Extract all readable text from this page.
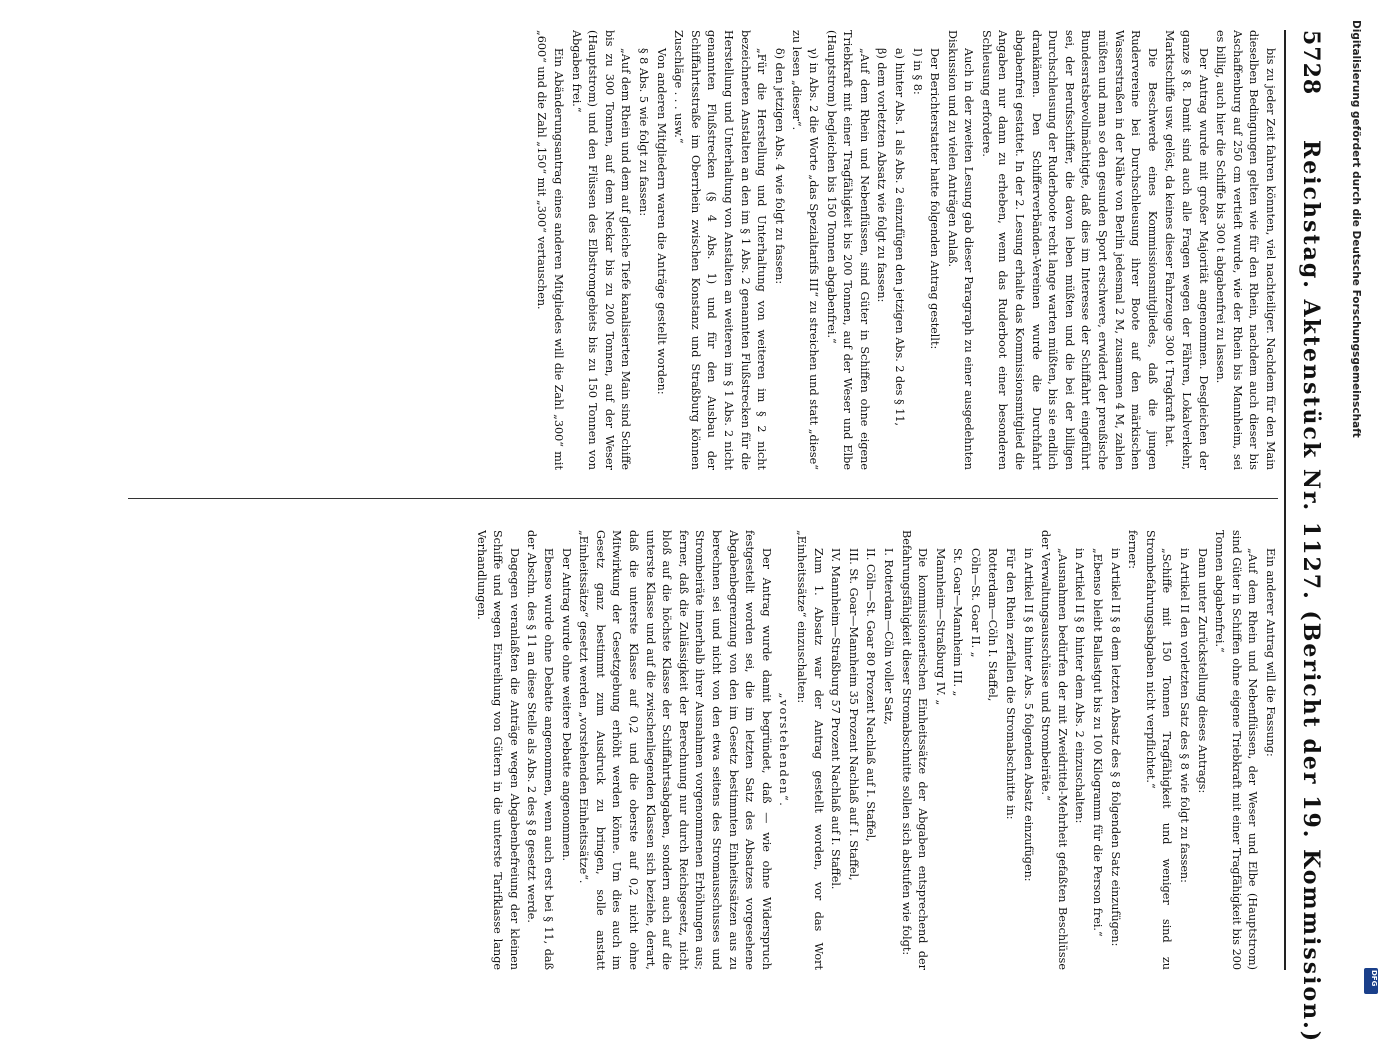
5728
Reichstag. Aktenstück Nr. 1127. (Bericht der 19. Kommission.)

bis zu jeder Zeit fahren könnten, viel nachteiliger. Nachdem für den Main dieselben Bedingungen gelten wie für den Rhein, nachdem auch dieser bis Aschaffenburg auf 250 cm vertieft wurde, wie der Rhein bis Mannheim, sei es billig, auch hier die Schiffe bis 300 t abgabenfrei zu lassen.

Der Antrag wurde mit großer Majorität angenommen. Desgleichen der ganze § 8. Damit sind auch alle Fragen wegen der Fähren, Lokalverkehr, Marktschiffe usw. gelöst, da keines dieser Fahrzeuge 300 t Tragkraft hat.

Die Beschwerde eines Kommissionsmitgliedes, daß die jungen Rudervereine bei Durchschleusung ihrer Boote auf den märkischen Wasserstraßen in der Nähe von Berlin jedesmal 2 M, zusammen 4 M, zahlen müßten und man so den gesunden Sport erschwere, erwidert der preußische Bundesratsbevollmächtigte, daß dies im Interesse der Schiffahrt eingeführt sei, der Berufsschiffer, die davon leben müßten und die bei der billigen Durchschleusung der Ruderboote recht lange warten müßten, bis sie endlich drankämen. Den Schifferverbänden-Vereinen wurde die Durchfahrt abgabenfrei gestattet. In der 2. Lesung erhalte das Kommissionsmitglied die Angaben nur dann zu erheben, wenn das Ruderboot einer besonderen Schleusung erfordere.

Auch in der zweiten Lesung gab dieser Paragraph zu einer ausgedehnten Diskussion und zu vielen Anträgen Anlaß.

Der Berichterstatter hatte folgenden Antrag gestellt:

I) in § 8:

a) hinter Abs. 1 als Abs. 2 einzufügen den jetzigen Abs. 2 des § 11,

β) dem vorletzten Absatz wie folgt zu fassen:

„Auf dem Rhein und Nebenflüssen, sind Güter in Schiffen ohne eigene Triebkraft mit einer Tragfähigkeit bis 200 Tonnen, auf der Weser und Elbe (Hauptstrom) begleichen bis 150 Tonnen abgabenfrei.“

γ) in Abs. 2 die Worte „das Spezialtarifs III“ zu streichen und statt „diese“ zu lesen „dieser“.

δ) den jetzigen Abs. 4 wie folgt zu fassen:

„Für die Herstellung und Unterhaltung von weiteren im § 2 nicht bezeichneten Anstalten an den im § 1 Abs. 2 genannten Flußstrecken für die Herstellung und Unterhaltung von Anstalten an weiteren im § 1 Abs. 2 nicht genannten Flußstrecken (§ 4 Abs. 1) und für den Ausbau der Schiffahrtsstraße im Oberrhein zwischen Konstanz und Straßburg können Zuschläge . . . usw.“

Von anderen Mitgliedern waren die Anträge gestellt worden:

§ 8 Abs. 5 wie folgt zu fassen:

„Auf dem Rhein und dem auf gleiche Tiefe kanalisierten Main sind Schiffe bis zu 300 Tonnen, auf dem Neckar bis zu 200 Tonnen, auf der Weser (Hauptstrom) und den Flüssen des Elbstromgebiets bis zu 150 Tonnen von Abgaben frei.“

Ein Abänderungsantrag eines anderen Mitgliedes will die Zahl „300“ mit „600“ und die Zahl „150“ mit „300“ vertauschen.

Ein anderer Antrag will die Fassung:

„Auf dem Rhein und Nebenflüssen, der Weser und Elbe (Hauptstrom) sind Güter in Schiffen ohne eigene Triebkraft mit einer Tragfähigkeit bis 200 Tonnen abgabenfrei.“

Dann unter Zurückstellung dieses Antrags:

in Artikel II den vorletzten Satz des § 8 wie folgt zu fassen:

„Schiffe mit 150 Tonnen Tragfähigkeit und weniger sind zu Strombefahrungsabgaben nicht verpflichtet.“

ferner:

in Artikel II § 8 dem letzten Absatz des § 8 folgenden Satz einzufügen:

„Ebenso bleibt Ballastgut bis zu 100 Kilogramm für die Person frei.“

in Artikel II § 8 hinter dem Abs. 2 einzuschalten:

„Ausnahmen bedürfen der mit Zweidrittel-Mehrheit gefaßten Beschlüsse der Verwaltungsausschüsse und Strombeiräte.“

in Artikel II § 8 hinter Abs. 5 folgenden Absatz einzufügen:

Für den Rhein zerfallen die Stromabschnitte in:

Rotterdam—Cöln I. Staffel,

Cöln—St. Goar II. „

St. Goar—Mannheim III. „

Mannheim—Straßburg IV. „

Die kommissionerischen Einheitssätze der Abgaben entsprechend der Befahrungsfähigkeit dieser Stromabschnitte sollen sich abstufen wie folgt:

I. Rotterdam—Cöln voller Satz,

II. Cöln—St. Goar 80 Prozent Nachlaß auf I. Staffel,

III. St. Goar—Mannheim 35 Prozent Nachlaß auf I. Staffel,

IV. Mannheim—Straßburg 57 Prozent Nachlaß auf I. Staffel.

Zum 1. Absatz war der Antrag gestellt worden, vor das Wort „Einheitssätze“ einzuschalten:

„vorstehenden“.

Der Antrag wurde damit begründet, daß — wie ohne Widerspruch festgestellt worden sei, die im letzten Satz des Absatzes vorgesehene Abgabenbegrenzung von den im Gesetz bestimmten Einheitssätzen aus zu berechnen sei und nicht von den etwa seitens des Stromausschusses und Strombeiräte innerhalb ihrer Ausnahmen vorgenommenen Erhöhungen aus; ferner, daß die Zulässigkeit der Berechnung nur durch Reichsgesetz, nicht bloß auf die höchste Klasse der Schiffahrtsabgaben, sondern auch auf die unterste Klasse und auf die zwischenliegenden Klassen sich beziehe, derart, daß die unterste Klasse auf 0,2 und die oberste auf 0,2 nicht ohne Mitwirkung der Gesetzgebung erhöht werden könne. Um dies auch im Gesetz ganz bestimmt zum Ausdruck zu bringen, solle anstatt „Einheitssätze“ gesetzt werden „vorstehenden Einheitssätze“.

Der Antrag wurde ohne weitere Debatte angenommen.

Ebenso wurde ohne Debatte angenommen, wenn auch erst bei § 11, daß der Abschn. des § 11 an diese Stelle als Abs. 2 des § 8 gesetzt werde.

Dagegen veranlaßten die Anträge wegen Abgabenbefreiung der kleinen Schiffe und wegen Einreihung von Gütern in die unterste Tarifklasse lange Verhandlungen.

Digitalisierung gefördert durch die Deutsche Forschungsgemeinschaft
DFG
